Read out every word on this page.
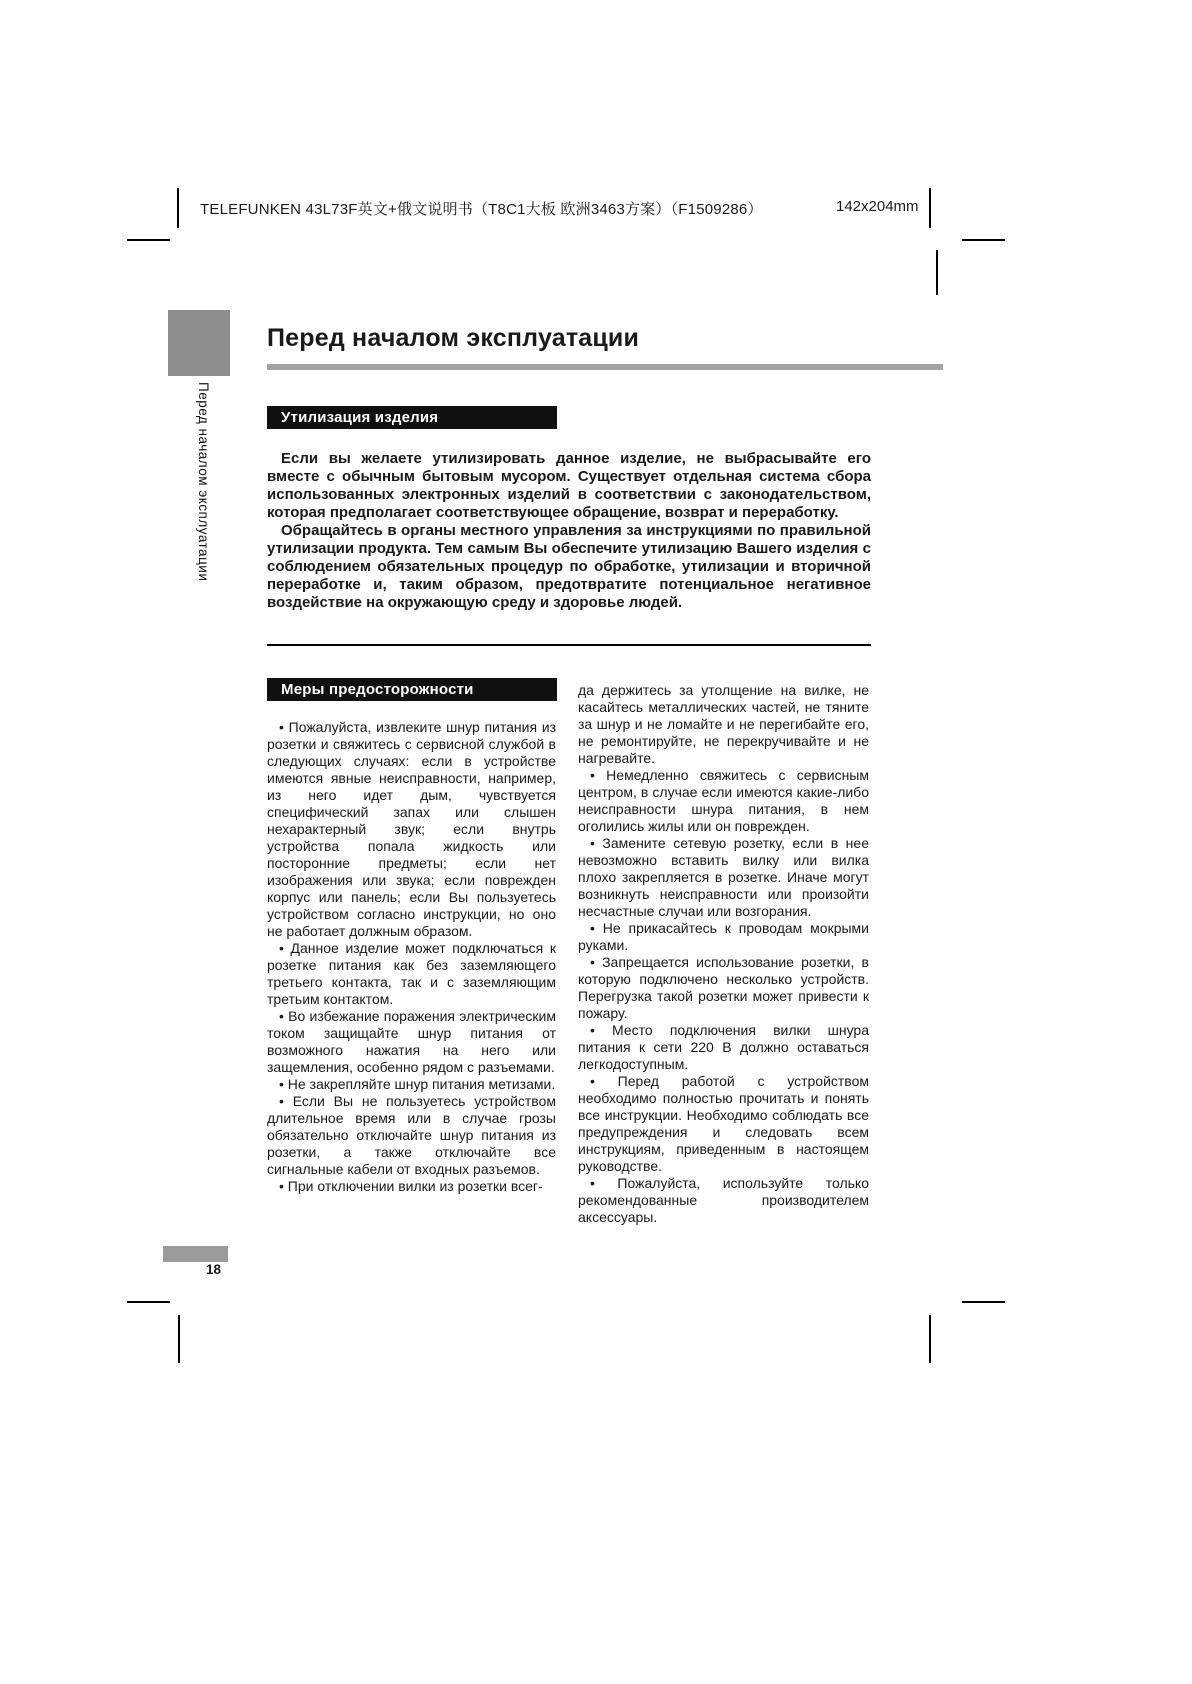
TELEFUNKEN 43L73F英文+俄文说明书（T8C1大板 欧洲3463方案）（F1509286）	142x204mm
Перед началом эксплуатации
Перед началом эксплуатации
Утилизация изделия

Если вы желаете утилизировать данное изделие, не выбрасывайте его вместе с обычным бытовым мусором. Существует отдельная система сбора использованных электронных изделий в соответствии с законодательством, которая предполагает соответствующее обращение, возврат и переработку.

Обращайтесь в органы местного управления за инструкциями по правильной утилизации продукта. Тем самым Вы обеспечите утилизацию Вашего изделия с соблюдением обязательных процедур по обработке, утилизации и вторичной переработке и, таким образом, предотвратите потенциальное негативное воздействие на окружающую среду и здоровье людей.

Меры предосторожности

• Пожалуйста, извлеките шнур питания из розетки и свяжитесь с сервисной службой в следующих случаях: если в устройстве имеются явные неисправности, например, из него идет дым, чувствуется специфический запах или слышен нехарактерный звук; если внутрь устройства попала жидкость или посторонние предметы; если нет изображения или звука; если поврежден корпус или панель; если Вы пользуетесь устройством согласно инструкции, но оно не работает должным образом.

• Данное изделие может подключаться к розетке питания как без заземляющего третьего контакта, так и с заземляющим третьим контактом.

• Во избежание поражения электрическим током защищайте шнур питания от возможного нажатия на него или защемления, особенно рядом с разъемами.

• Не закрепляйте шнур питания метизами.

• Если Вы не пользуетесь устройством длительное время или в случае грозы обязательно отключайте шнур питания из розетки, а также отключайте все сигнальные кабели от входных разъемов.

• При отключении вилки из розетки всег-

да держитесь за утолщение на вилке, не касайтесь металлических частей, не тяните за шнур и не ломайте и не перегибайте его, не ремонтируйте, не перекручивайте и не нагревайте.

• Немедленно свяжитесь с сервисным центром, в случае если имеются какие-либо неисправности шнура питания, в нем оголились жилы или он поврежден.

• Замените сетевую розетку, если в нее невозможно вставить вилку или вилка плохо закрепляется в розетке. Иначе могут возникнуть неисправности или произойти несчастные случаи или возгорания.

• Не прикасайтесь к проводам мокрыми руками.

• Запрещается использование розетки, в которую подключено несколько устройств. Перегрузка такой розетки может привести к пожару.

• Место подключения вилки шнура питания к сети 220 В должно оставаться легкодоступным.

• Перед работой с устройством необходимо полностью прочитать и понять все инструкции. Необходимо соблюдать все предупреждения и следовать всем инструкциям, приведенным в настоящем руководстве.

• Пожалуйста, используйте только рекомендованные производителем аксессуары.

18
